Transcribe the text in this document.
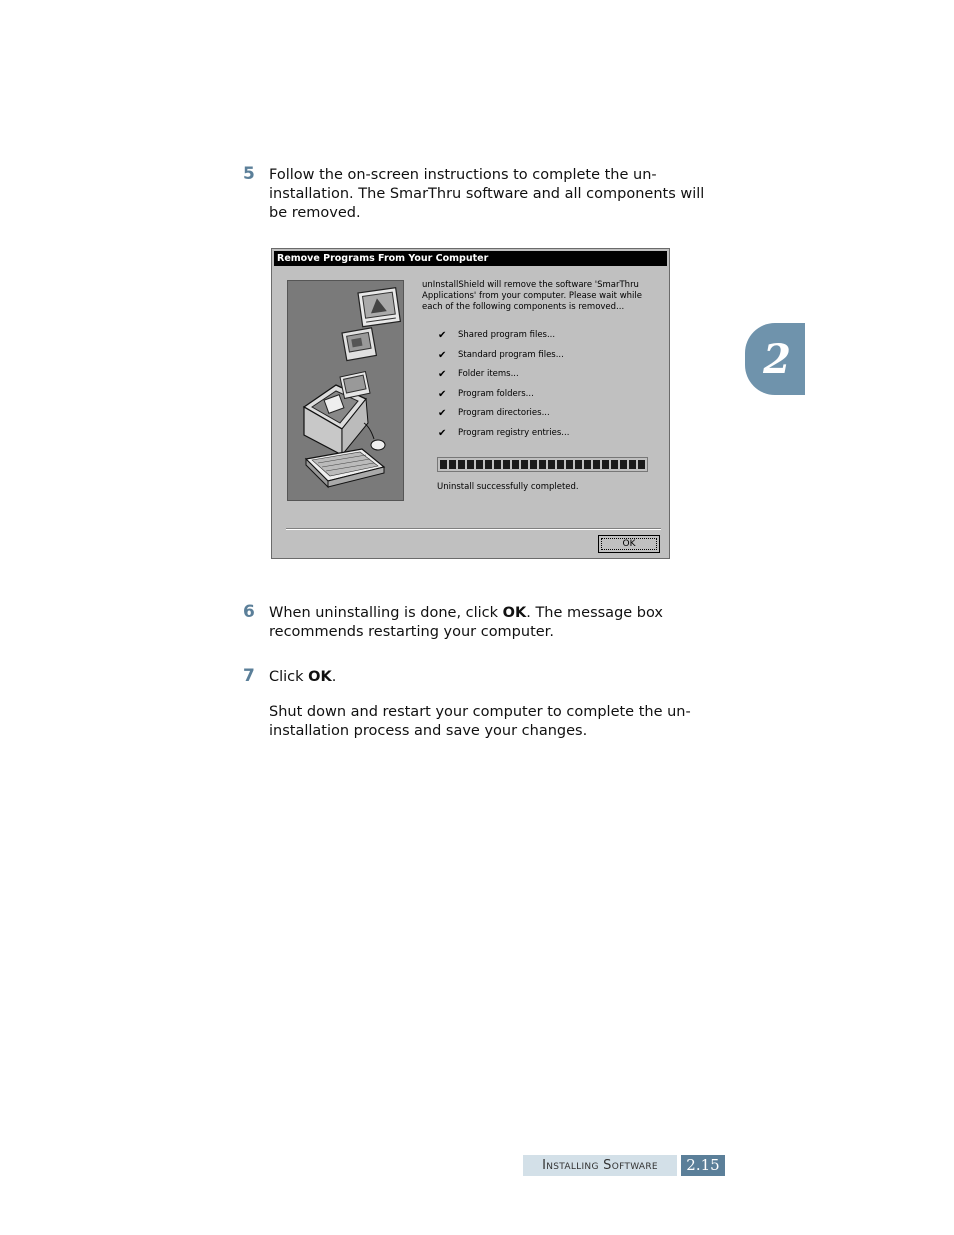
5 Follow the on-screen instructions to complete the un-installation. The SmarThru software and all components will be removed.
Remove Programs From Your Computer
unInstallShield will remove the software 'SmarThru Applications' from your computer. Please wait while each of the following components is removed...
✔	Shared program files...
✔	Standard program files...
✔	Folder items...
✔	Program folders...
✔	Program directories...
✔	Program registry entries...
Uninstall successfully completed.
OK
6 When uninstalling is done, click OK. The message box recommends restarting your computer.
7 Click OK.
Shut down and restart your computer to complete the un-installation process and save your changes.
2
Installing Software	2.15
